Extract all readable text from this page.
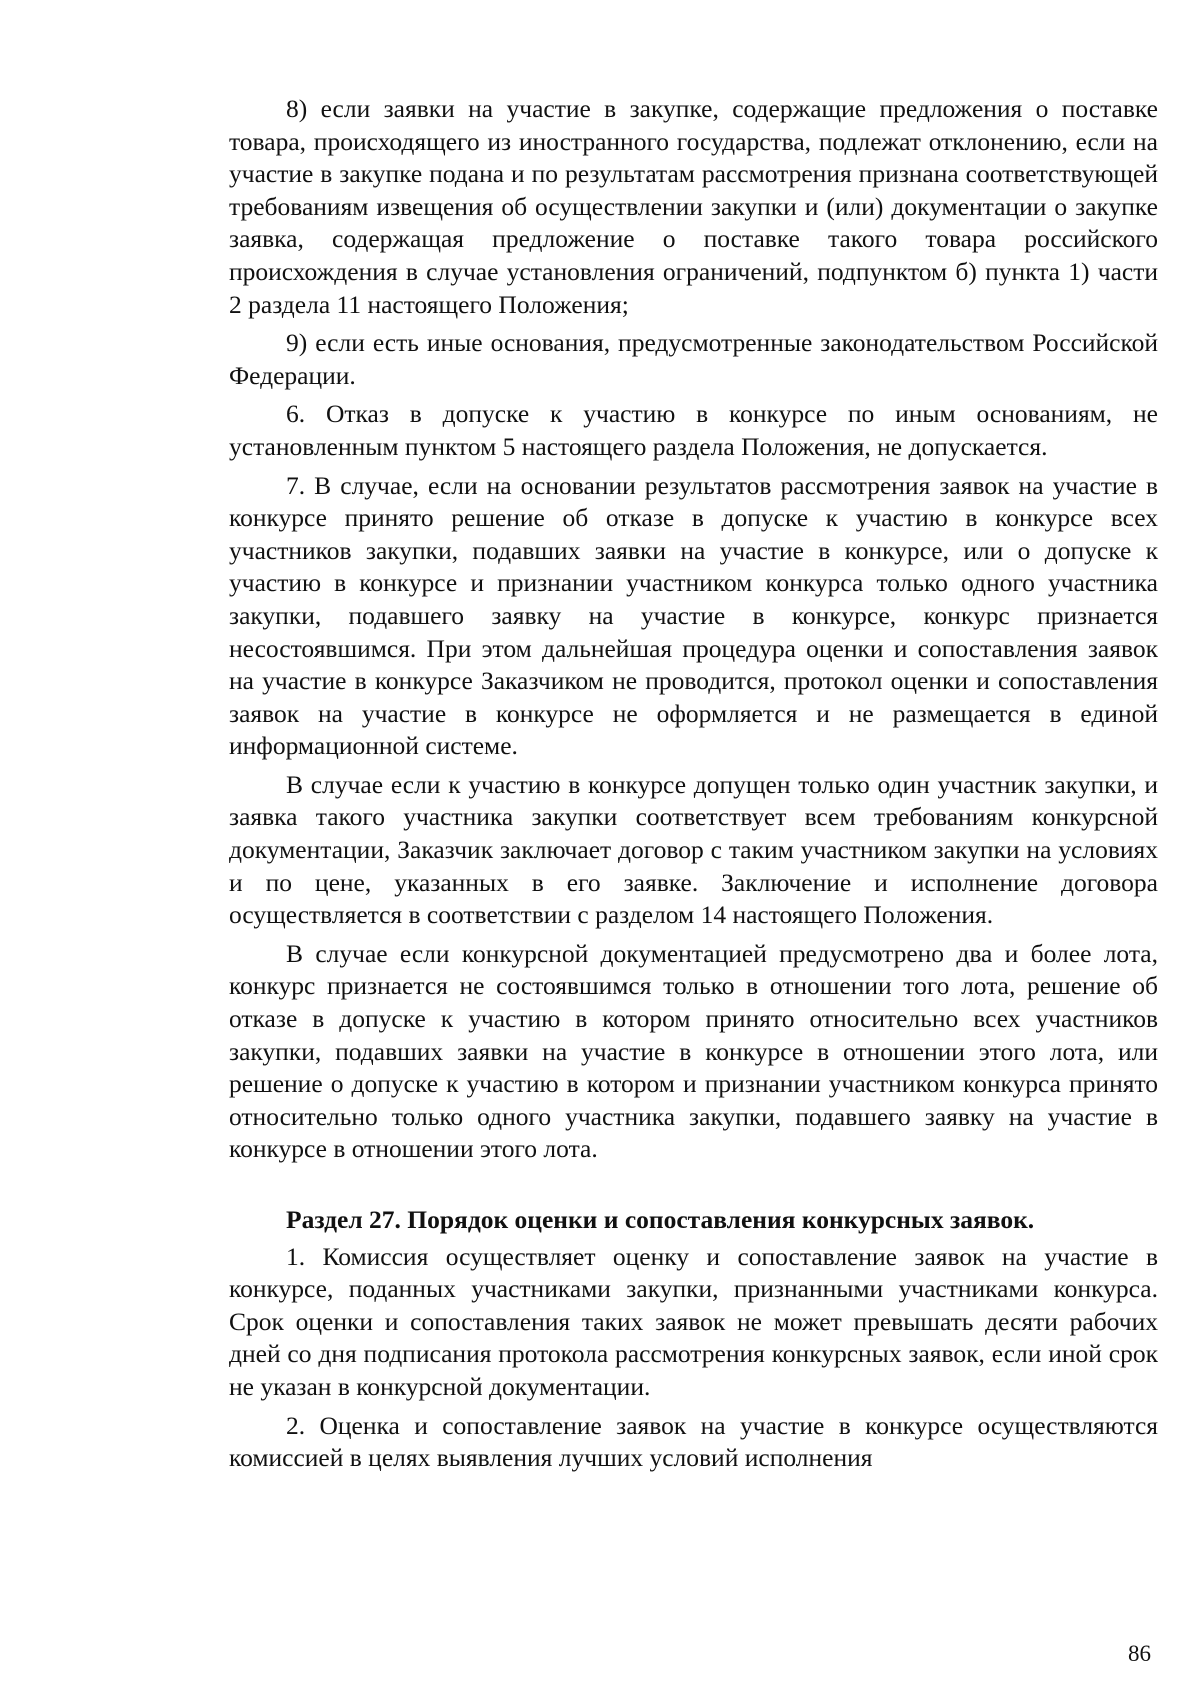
8) если заявки на участие в закупке, содержащие предложения о поставке товара, происходящего из иностранного государства, подлежат отклонению, если на участие в закупке подана и по результатам рассмотрения признана соответствующей требованиям извещения об осуществлении закупки и (или) документации о закупке заявка, содержащая предложение о поставке такого товара российского происхождения в случае установления ограничений, подпунктом б) пункта 1) части 2 раздела 11 настоящего Положения;

9) если есть иные основания, предусмотренные законодательством Российской Федерации.

6. Отказ в допуске к участию в конкурсе по иным основаниям, не установленным пунктом 5 настоящего раздела Положения, не допускается.

7. В случае, если на основании результатов рассмотрения заявок на участие в конкурсе принято решение об отказе в допуске к участию в конкурсе всех участников закупки, подавших заявки на участие в конкурсе, или о допуске к участию в конкурсе и признании участником конкурса только одного участника закупки, подавшего заявку на участие в конкурсе, конкурс признается несостоявшимся. При этом дальнейшая процедура оценки и сопоставления заявок на участие в конкурсе Заказчиком не проводится, протокол оценки и сопоставления заявок на участие в конкурсе не оформляется и не размещается в единой информационной системе.

В случае если к участию в конкурсе допущен только один участник закупки, и заявка такого участника закупки соответствует всем требованиям конкурсной документации, Заказчик заключает договор с таким участником закупки на условиях и по цене, указанных в его заявке. Заключение и исполнение договора осуществляется в соответствии с разделом 14 настоящего Положения.

В случае если конкурсной документацией предусмотрено два и более лота, конкурс признается не состоявшимся только в отношении того лота, решение об отказе в допуске к участию в котором принято относительно всех участников закупки, подавших заявки на участие в конкурсе в отношении этого лота, или решение о допуске к участию в котором и признании участником конкурса принято относительно только одного участника закупки, подавшего заявку на участие в конкурсе в отношении этого лота.

Раздел 27. Порядок оценки и сопоставления конкурсных заявок.

1. Комиссия осуществляет оценку и сопоставление заявок на участие в конкурсе, поданных участниками закупки, признанными участниками конкурса. Срок оценки и сопоставления таких заявок не может превышать десяти рабочих дней со дня подписания протокола рассмотрения конкурсных заявок, если иной срок не указан в конкурсной документации.

2. Оценка и сопоставление заявок на участие в конкурсе осуществляются комиссией в целях выявления лучших условий исполнения

86
